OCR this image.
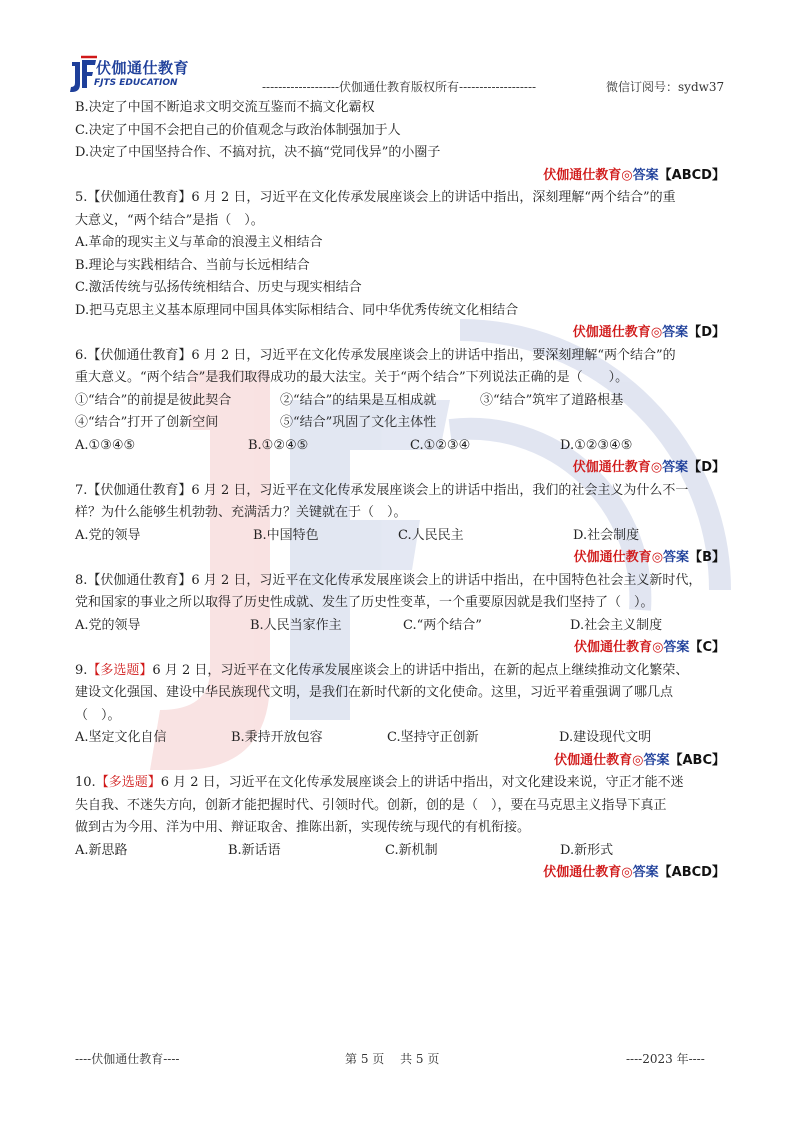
伏伽通仕教育
FJTS EDUCATION	-------------------伏伽通仕教育版权所有-------------------	微信订阅号：sydw37
B.决定了中国不断追求文明交流互鉴而不搞文化霸权
C.决定了中国不会把自己的价值观念与政治体制强加于人
D.决定了中国坚持合作、不搞对抗，决不搞“党同伐异”的小圈子
伏伽通仕教育◎答案【ABCD】
5.【伏伽通仕教育】6 月 2 日，习近平在文化传承发展座谈会上的讲话中指出，深刻理解“两个结合”的重
大意义，“两个结合”是指（　）。
A.革命的现实主义与革命的浪漫主义相结合
B.理论与实践相结合、当前与长远相结合
C.激活传统与弘扬传统相结合、历史与现实相结合
D.把马克思主义基本原理同中国具体实际相结合、同中华优秀传统文化相结合
伏伽通仕教育◎答案【D】
6.【伏伽通仕教育】6 月 2 日，习近平在文化传承发展座谈会上的讲话中指出，要深刻理解“两个结合”的
重大意义。“两个结合”是我们取得成功的最大法宝。关于“两个结合”下列说法正确的是（　　）。
①“结合”的前提是彼此契合	②“结合”的结果是互相成就	③“结合”筑牢了道路根基
④“结合”打开了创新空间	⑤“结合”巩固了文化主体性
A.①③④⑤	B.①②④⑤	C.①②③④	D.①②③④⑤
伏伽通仕教育◎答案【D】
7.【伏伽通仕教育】6 月 2 日，习近平在文化传承发展座谈会上的讲话中指出，我们的社会主义为什么不一
样？为什么能够生机勃勃、充满活力？关键就在于（　）。
A.党的领导	B.中国特色	C.人民民主	D.社会制度
伏伽通仕教育◎答案【B】
8.【伏伽通仕教育】6 月 2 日，习近平在文化传承发展座谈会上的讲话中指出，在中国特色社会主义新时代，
党和国家的事业之所以取得了历史性成就、发生了历史性变革，一个重要原因就是我们坚持了（　）。
A.党的领导	B.人民当家作主	C.“两个结合”	D.社会主义制度
伏伽通仕教育◎答案【C】
9.【多选题】6 月 2 日，习近平在文化传承发展座谈会上的讲话中指出，在新的起点上继续推动文化繁荣、
建设文化强国、建设中华民族现代文明，是我们在新时代新的文化使命。这里，习近平着重强调了哪几点
（　）。
A.坚定文化自信	B.秉持开放包容	C.坚持守正创新	D.建设现代文明
伏伽通仕教育◎答案【ABC】
10.【多选题】6 月 2 日，习近平在文化传承发展座谈会上的讲话中指出，对文化建设来说，守正才能不迷
失自我、不迷失方向，创新才能把握时代、引领时代。创新，创的是（　），要在马克思主义指导下真正
做到古为今用、洋为中用、辩证取舍、推陈出新，实现传统与现代的有机衔接。
A.新思路	B.新话语	C.新机制	D.新形式
伏伽通仕教育◎答案【ABCD】
----伏伽通仕教育----	第 5 页　 共 5 页	----2023 年----
